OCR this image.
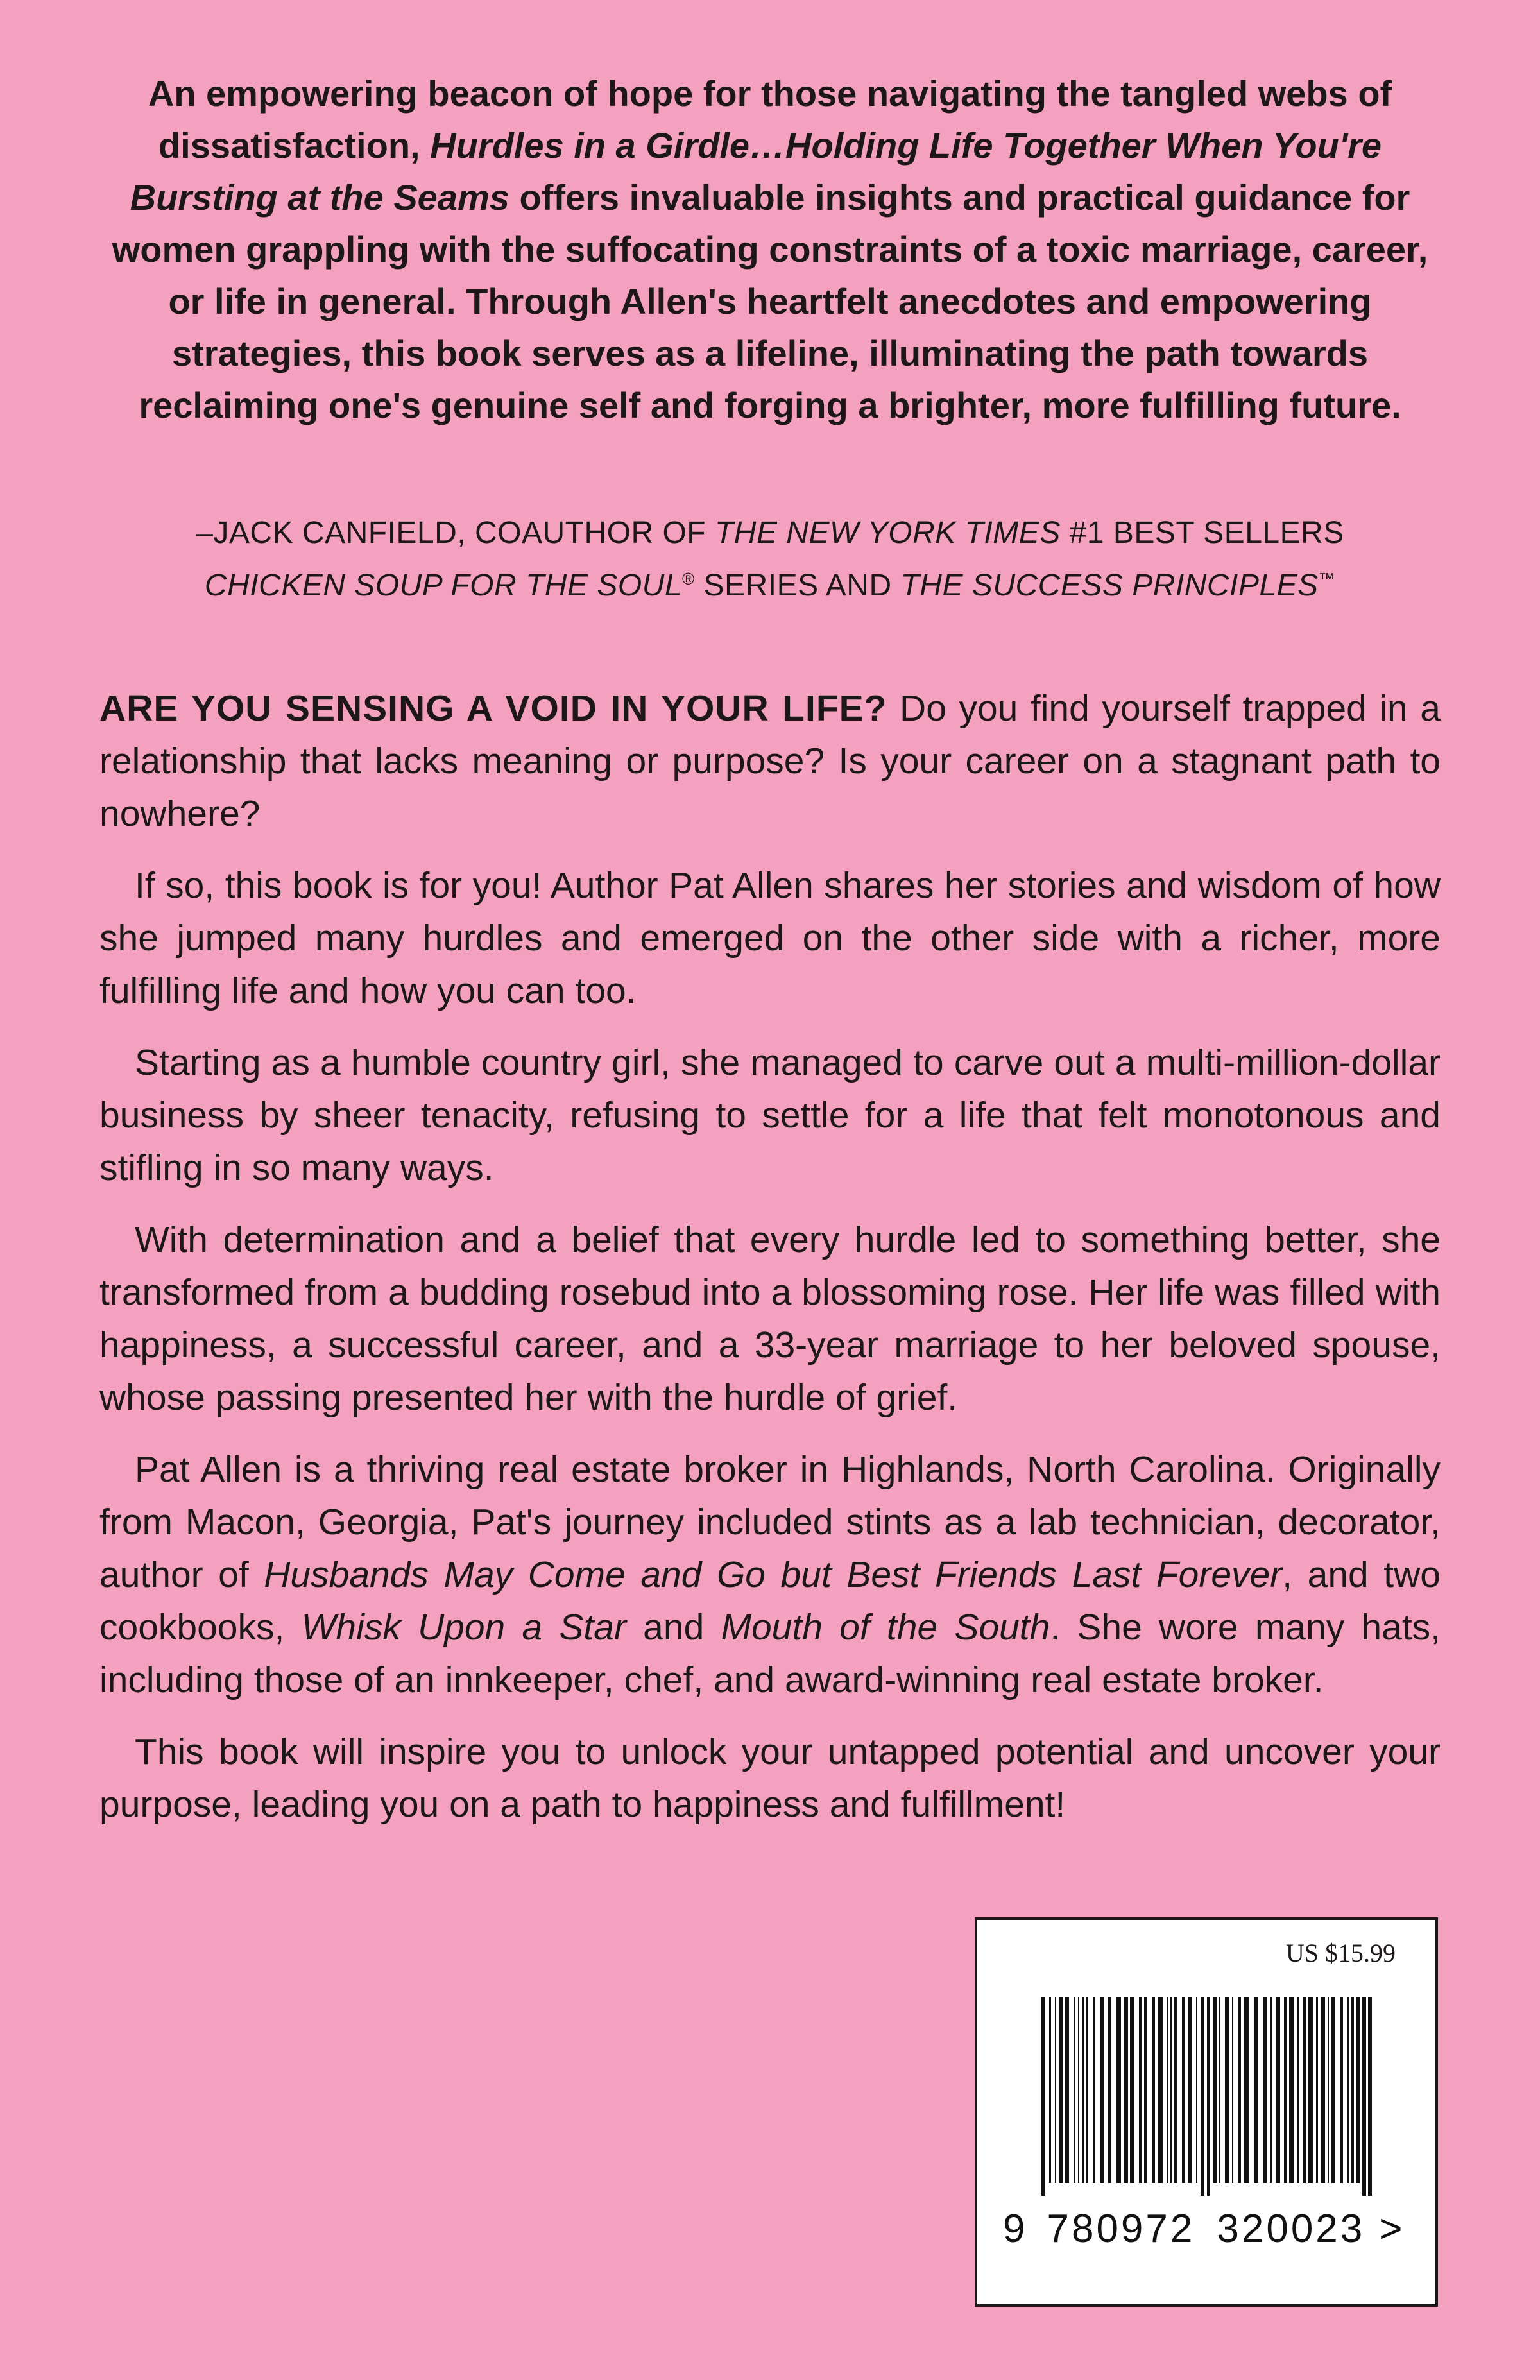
An empowering beacon of hope for those navigating the tangled webs of dissatisfaction, Hurdles in a Girdle…Holding Life Together When You're Bursting at the Seams offers invaluable insights and practical guidance for women grappling with the suffocating constraints of a toxic marriage, career, or life in general. Through Allen's heartfelt anecdotes and empowering strategies, this book serves as a lifeline, illuminating the path towards reclaiming one's genuine self and forging a brighter, more fulfilling future.

–JACK CANFIELD, COAUTHOR OF THE NEW YORK TIMES #1 BEST SELLERS
CHICKEN SOUP FOR THE SOUL® SERIES AND THE SUCCESS PRINCIPLES™

ARE YOU SENSING A VOID IN YOUR LIFE? Do you find yourself trapped in a relationship that lacks meaning or purpose? Is your career on a stagnant path to nowhere?

If so, this book is for you! Author Pat Allen shares her stories and wisdom of how she jumped many hurdles and emerged on the other side with a richer, more fulfilling life and how you can too.

Starting as a humble country girl, she managed to carve out a multi-million-dollar business by sheer tenacity, refusing to settle for a life that felt monotonous and stifling in so many ways.

With determination and a belief that every hurdle led to something better, she transformed from a budding rosebud into a blossoming rose. Her life was filled with happiness, a successful career, and a 33-year marriage to her beloved spouse, whose passing presented her with the hurdle of grief.

Pat Allen is a thriving real estate broker in Highlands, North Carolina. Originally from Macon, Georgia, Pat's journey included stints as a lab technician, decorator, author of Husbands May Come and Go but Best Friends Last Forever, and two cookbooks, Whisk Upon a Star and Mouth of the South. She wore many hats, including those of an innkeeper, chef, and award-winning real estate broker.

This book will inspire you to unlock your untapped potential and uncover your purpose, leading you on a path to happiness and fulfillment!

US $15.99
9 780972 320023 >
